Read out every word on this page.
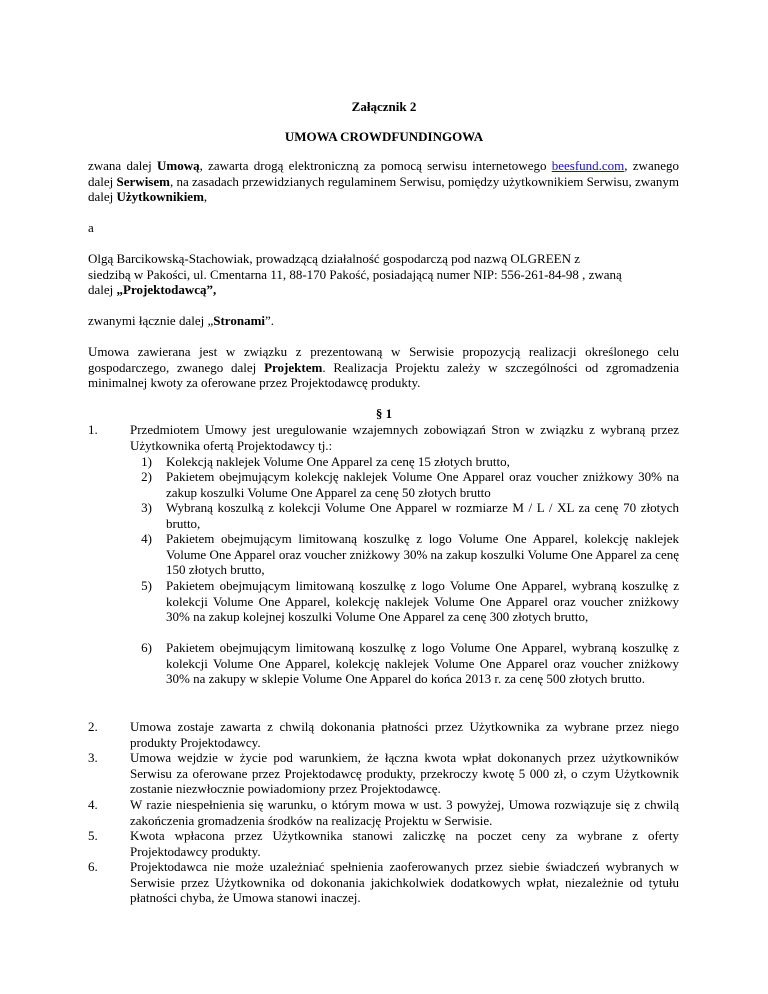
Załącznik 2
UMOWA CROWDFUNDINGOWA
zwana dalej Umową, zawarta drogą elektroniczną za pomocą serwisu internetowego beesfund.com, zwanego dalej Serwisem, na zasadach przewidzianych regulaminem Serwisu, pomiędzy użytkownikiem Serwisu, zwanym dalej Użytkownikiem,
a
Olgą Barcikowską-Stachowiak, prowadzącą działalność gospodarczą pod nazwą OLGREEN z
siedzibą w Pakości, ul. Cmentarna 11, 88-170 Pakość, posiadającą numer NIP: 556-261-84-98 , zwaną
dalej „Projektodawcą”,
zwanymi łącznie dalej „Stronami”.
Umowa zawierana jest w związku z prezentowaną w Serwisie propozycją realizacji określonego celu gospodarczego, zwanego dalej Projektem. Realizacja Projektu zależy w szczególności od zgromadzenia minimalnej kwoty za oferowane przez Projektodawcę produkty.
§ 1
1. Przedmiotem Umowy jest uregulowanie wzajemnych zobowiązań Stron w związku z wybraną przez Użytkownika ofertą Projektodawcy tj.:
1) Kolekcją naklejek Volume One Apparel za cenę 15 złotych brutto,
2) Pakietem obejmującym kolekcję naklejek Volume One Apparel oraz voucher zniżkowy 30% na zakup koszulki Volume One Apparel za cenę 50 złotych brutto
3) Wybraną koszulką z kolekcji Volume One Apparel w rozmiarze M / L / XL za cenę 70 złotych brutto,
4) Pakietem obejmującym limitowaną koszulkę z logo Volume One Apparel, kolekcję naklejek Volume One Apparel oraz voucher zniżkowy 30% na zakup koszulki Volume One Apparel za cenę 150 złotych brutto,
5) Pakietem obejmującym limitowaną koszulkę z logo Volume One Apparel, wybraną koszulkę z kolekcji Volume One Apparel, kolekcję naklejek Volume One Apparel oraz voucher zniżkowy 30% na zakup kolejnej koszulki Volume One Apparel za cenę 300 złotych brutto,
6) Pakietem obejmującym limitowaną koszulkę z logo Volume One Apparel, wybraną koszulkę z kolekcji Volume One Apparel, kolekcję naklejek Volume One Apparel oraz voucher zniżkowy 30% na zakupy w sklepie Volume One Apparel do końca 2013 r. za cenę 500 złotych brutto.
2. Umowa zostaje zawarta z chwilą dokonania płatności przez Użytkownika za wybrane przez niego produkty Projektodawcy.
3. Umowa wejdzie w życie pod warunkiem, że łączna kwota wpłat dokonanych przez użytkowników Serwisu za oferowane przez Projektodawcę produkty, przekroczy kwotę 5 000 zł, o czym Użytkownik zostanie niezwłocznie powiadomiony przez Projektodawcę.
4. W razie niespełnienia się warunku, o którym mowa w ust. 3 powyżej, Umowa rozwiązuje się z chwilą zakończenia gromadzenia środków na realizację Projektu w Serwisie.
5. Kwota wpłacona przez Użytkownika stanowi zaliczkę na poczet ceny za wybrane z oferty Projektodawcy produkty.
6. Projektodawca nie może uzależniać spełnienia zaoferowanych przez siebie świadczeń wybranych w Serwisie przez Użytkownika od dokonania jakichkolwiek dodatkowych wpłat, niezależnie od tytułu płatności chyba, że Umowa stanowi inaczej.
